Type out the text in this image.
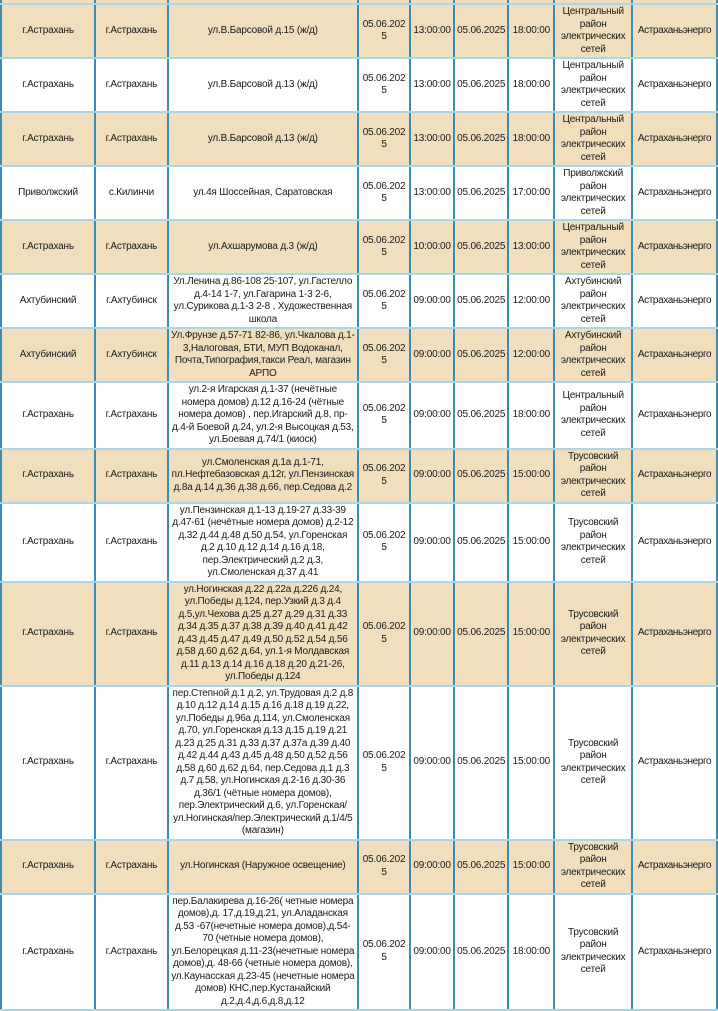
г.Астрахань	г.Астрахань	ул.В.Барсовой д.15 (ж/д)	05.06.2025	13:00:00	05.06.2025	18:00:00	Центральный район электрических сетей	Астраханьэнерго
г.Астрахань	г.Астрахань	ул.В.Барсовой д.13 (ж/д)	05.06.2025	13:00:00	05.06.2025	18:00:00	Центральный район электрических сетей	Астраханьэнерго
г.Астрахань	г.Астрахань	ул.В.Барсовой д.13 (ж/д)	05.06.2025	13:00:00	05.06.2025	18:00:00	Центральный район электрических сетей	Астраханьэнерго
Приволжский	с.Килинчи	ул.4я Шоссейная, Саратовская	05.06.2025	13:00:00	05.06.2025	17:00:00	Приволжский район электрических сетей	Астраханьэнерго
г.Астрахань	г.Астрахань	ул.Ахшарумова д.3 (ж/д)	05.06.2025	10:00:00	05.06.2025	13:00:00	Центральный район электрических сетей	Астраханьэнерго
Ахтубинский	г.Ахтубинск	Ул.Ленина д.86-108 25-107, ул.Гастелло д.4-14 1-7, ул.Гагарина 1-3 2-6, ул.Сурикова д.1-3 2-8 , Художественная школа	05.06.2025	09:00:00	05.06.2025	12:00:00	Ахтубинский район электрических сетей	Астраханьэнерго
Ахтубинский	г.Ахтубинск	Ул.Фрунзе д.57-71 82-86, ул.Чкалова д.1-3,Налоговая, БТИ, МУП Водоканал, Почта,Типография,такси Реал, магазин АРПО	05.06.2025	09:00:00	05.06.2025	12:00:00	Ахтубинский район электрических сетей	Астраханьэнерго
г.Астрахань	г.Астрахань	ул.2-я Игарская д.1-37 (нечётные номера домов) д.12 д.16-24 (чётные номера домов) , пер.Игарский д.8, пр-д.4-й Боевой д.24, ул.2-я Высоцкая д.53, ул.Боевая д.74/1 (киоск)	05.06.2025	09:00:00	05.06.2025	18:00:00	Центральный район электрических сетей	Астраханьэнерго
г.Астрахань	г.Астрахань	ул.Смоленская д.1а д.1-71, пл.Нефтебазовская д.12г, ул.Пензинская д.8а д.14 д.36 д.38 д.66, пер.Седова д.2	05.06.2025	09:00:00	05.06.2025	15:00:00	Трусовский район электрических сетей	Астраханьэнерго
г.Астрахань	г.Астрахань	ул.Пензинская д.1-13 д.19-27 д.33-39 д.47-61 (нечётные номера домов) д.2-12 д.32 д.44 д.48 д.50 д.54, ул.Горенская д.2 д.10 д.12 д.14 д.16 д.18, пер.Электрический д.2 д.3, ул.Смоленская д.37 д.41	05.06.2025	09:00:00	05.06.2025	15:00:00	Трусовский район электрических сетей	Астраханьэнерго
г.Астрахань	г.Астрахань	ул.Ногинская д.22 д.22а д.226 д.24, ул.Победы д.124, пер.Узкий д.3 д.4 д.5,ул.Чехова д.25 д.27 д.29 д.31 д.33 д.34 д.35 д.37 д.38 д.39 д.40 д.41 д.42 д.43 д.45 д.47 д.49 д.50 д.52 д.54 д.56 д.58 д.60 д.62 д.64, ул.1-я Молдавская д.11 д.13 д.14 д.16 д.18 д.20 д.21-26, ул.Победы д.124	05.06.2025	09:00:00	05.06.2025	15:00:00	Трусовский район электрических сетей	Астраханьэнерго
г.Астрахань	г.Астрахань	пер.Степной д.1 д.2, ул.Трудовая д.2 д.8 д.10 д.12 д.14 д.15 д.16 д.18 д.19 д.22, ул.Победы д.96а д.114, ул.Смоленская д.70, ул.Горенская д.13 д.15 д.19 д.21 д.23 д.25 д.31 д.33 д.37 д.37а д.39 д.40 д.42 д.44 д.43 д.45 д.48 д.50 д.52 д.56 д.58 д.60 д.62 д.64, пер.Седова д.1 д.3 д.7 д.58, ул.Ногинская д.2-16 д.30-36 д.36/1 (чётные номера домов), пер.Электрический д.6, ул.Горенская/ул.Ногинская/пер.Электрический д.1/4/5 (магазин)	05.06.2025	09:00:00	05.06.2025	15:00:00	Трусовский район электрических сетей	Астраханьэнерго
г.Астрахань	г.Астрахань	ул.Ногинская (Наружное освещение)	05.06.2025	09:00:00	05.06.2025	15:00:00	Трусовский район электрических сетей	Астраханьэнерго
г.Астрахань	г.Астрахань	пер.Балакирева д.16-26( четные номера домов),д. 17,д.19,д.21, ул.Аладанская д.53 -67(нечетные номера домов),д.54-70 (четные номера домов), ул.Белорецкая д.11-23(нечетные номера домов),д. 48-66 (четные номера домов), ул.Каунасская д.23-45 (нечетные номера домов) КНС,пер.Кустанайский д.2,д.4,д.6,д.8,д.12	05.06.2025	09:00:00	05.06.2025	18:00:00	Трусовский район электрических сетей	Астраханьэнерго
